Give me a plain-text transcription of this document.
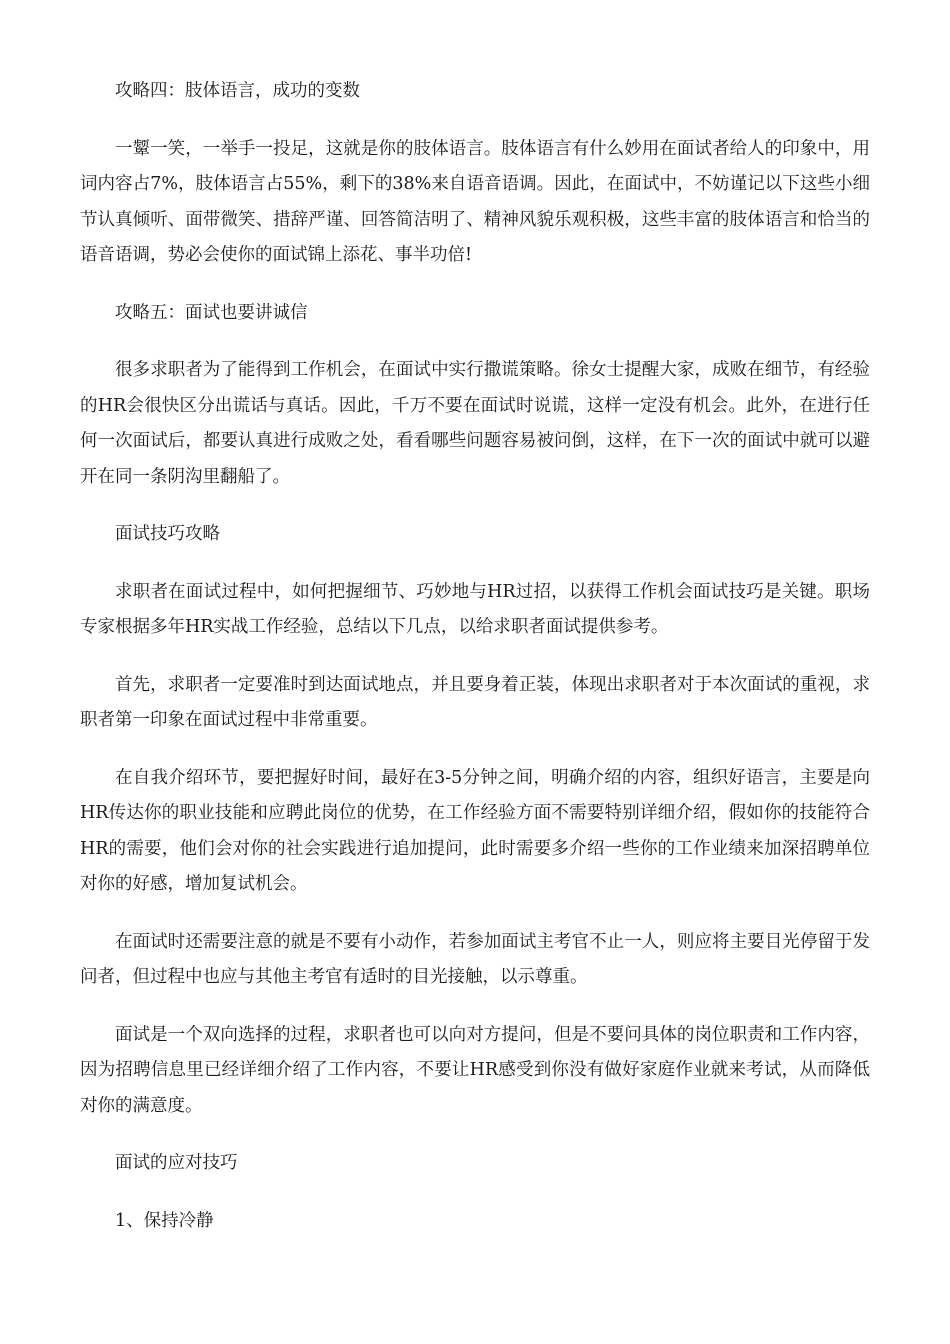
攻略四：肢体语言，成功的变数

一颦一笑，一举手一投足，这就是你的肢体语言。肢体语言有什么妙用在面试者给人的印象中，用词内容占7%，肢体语言占55%，剩下的38%来自语音语调。因此，在面试中，不妨谨记以下这些小细节认真倾听、面带微笑、措辞严谨、回答简洁明了、精神风貌乐观积极，这些丰富的肢体语言和恰当的语音语调，势必会使你的面试锦上添花、事半功倍!

攻略五：面试也要讲诚信

很多求职者为了能得到工作机会，在面试中实行撒谎策略。徐女士提醒大家，成败在细节，有经验的HR会很快区分出谎话与真话。因此，千万不要在面试时说谎，这样一定没有机会。此外，在进行任何一次面试后，都要认真进行成败之处，看看哪些问题容易被问倒，这样，在下一次的面试中就可以避开在同一条阴沟里翻船了。

面试技巧攻略

求职者在面试过程中，如何把握细节、巧妙地与HR过招，以获得工作机会面试技巧是关键。职场专家根据多年HR实战工作经验，总结以下几点，以给求职者面试提供参考。

首先，求职者一定要准时到达面试地点，并且要身着正装，体现出求职者对于本次面试的重视，求职者第一印象在面试过程中非常重要。

在自我介绍环节，要把握好时间，最好在3-5分钟之间，明确介绍的内容，组织好语言，主要是向HR传达你的职业技能和应聘此岗位的优势，在工作经验方面不需要特别详细介绍，假如你的技能符合HR的需要，他们会对你的社会实践进行追加提问，此时需要多介绍一些你的工作业绩来加深招聘单位对你的好感，增加复试机会。

在面试时还需要注意的就是不要有小动作，若参加面试主考官不止一人，则应将主要目光停留于发问者，但过程中也应与其他主考官有适时的目光接触，以示尊重。

面试是一个双向选择的过程，求职者也可以向对方提问，但是不要问具体的岗位职责和工作内容，因为招聘信息里已经详细介绍了工作内容，不要让HR感受到你没有做好家庭作业就来考试，从而降低对你的满意度。

面试的应对技巧

1、保持冷静
